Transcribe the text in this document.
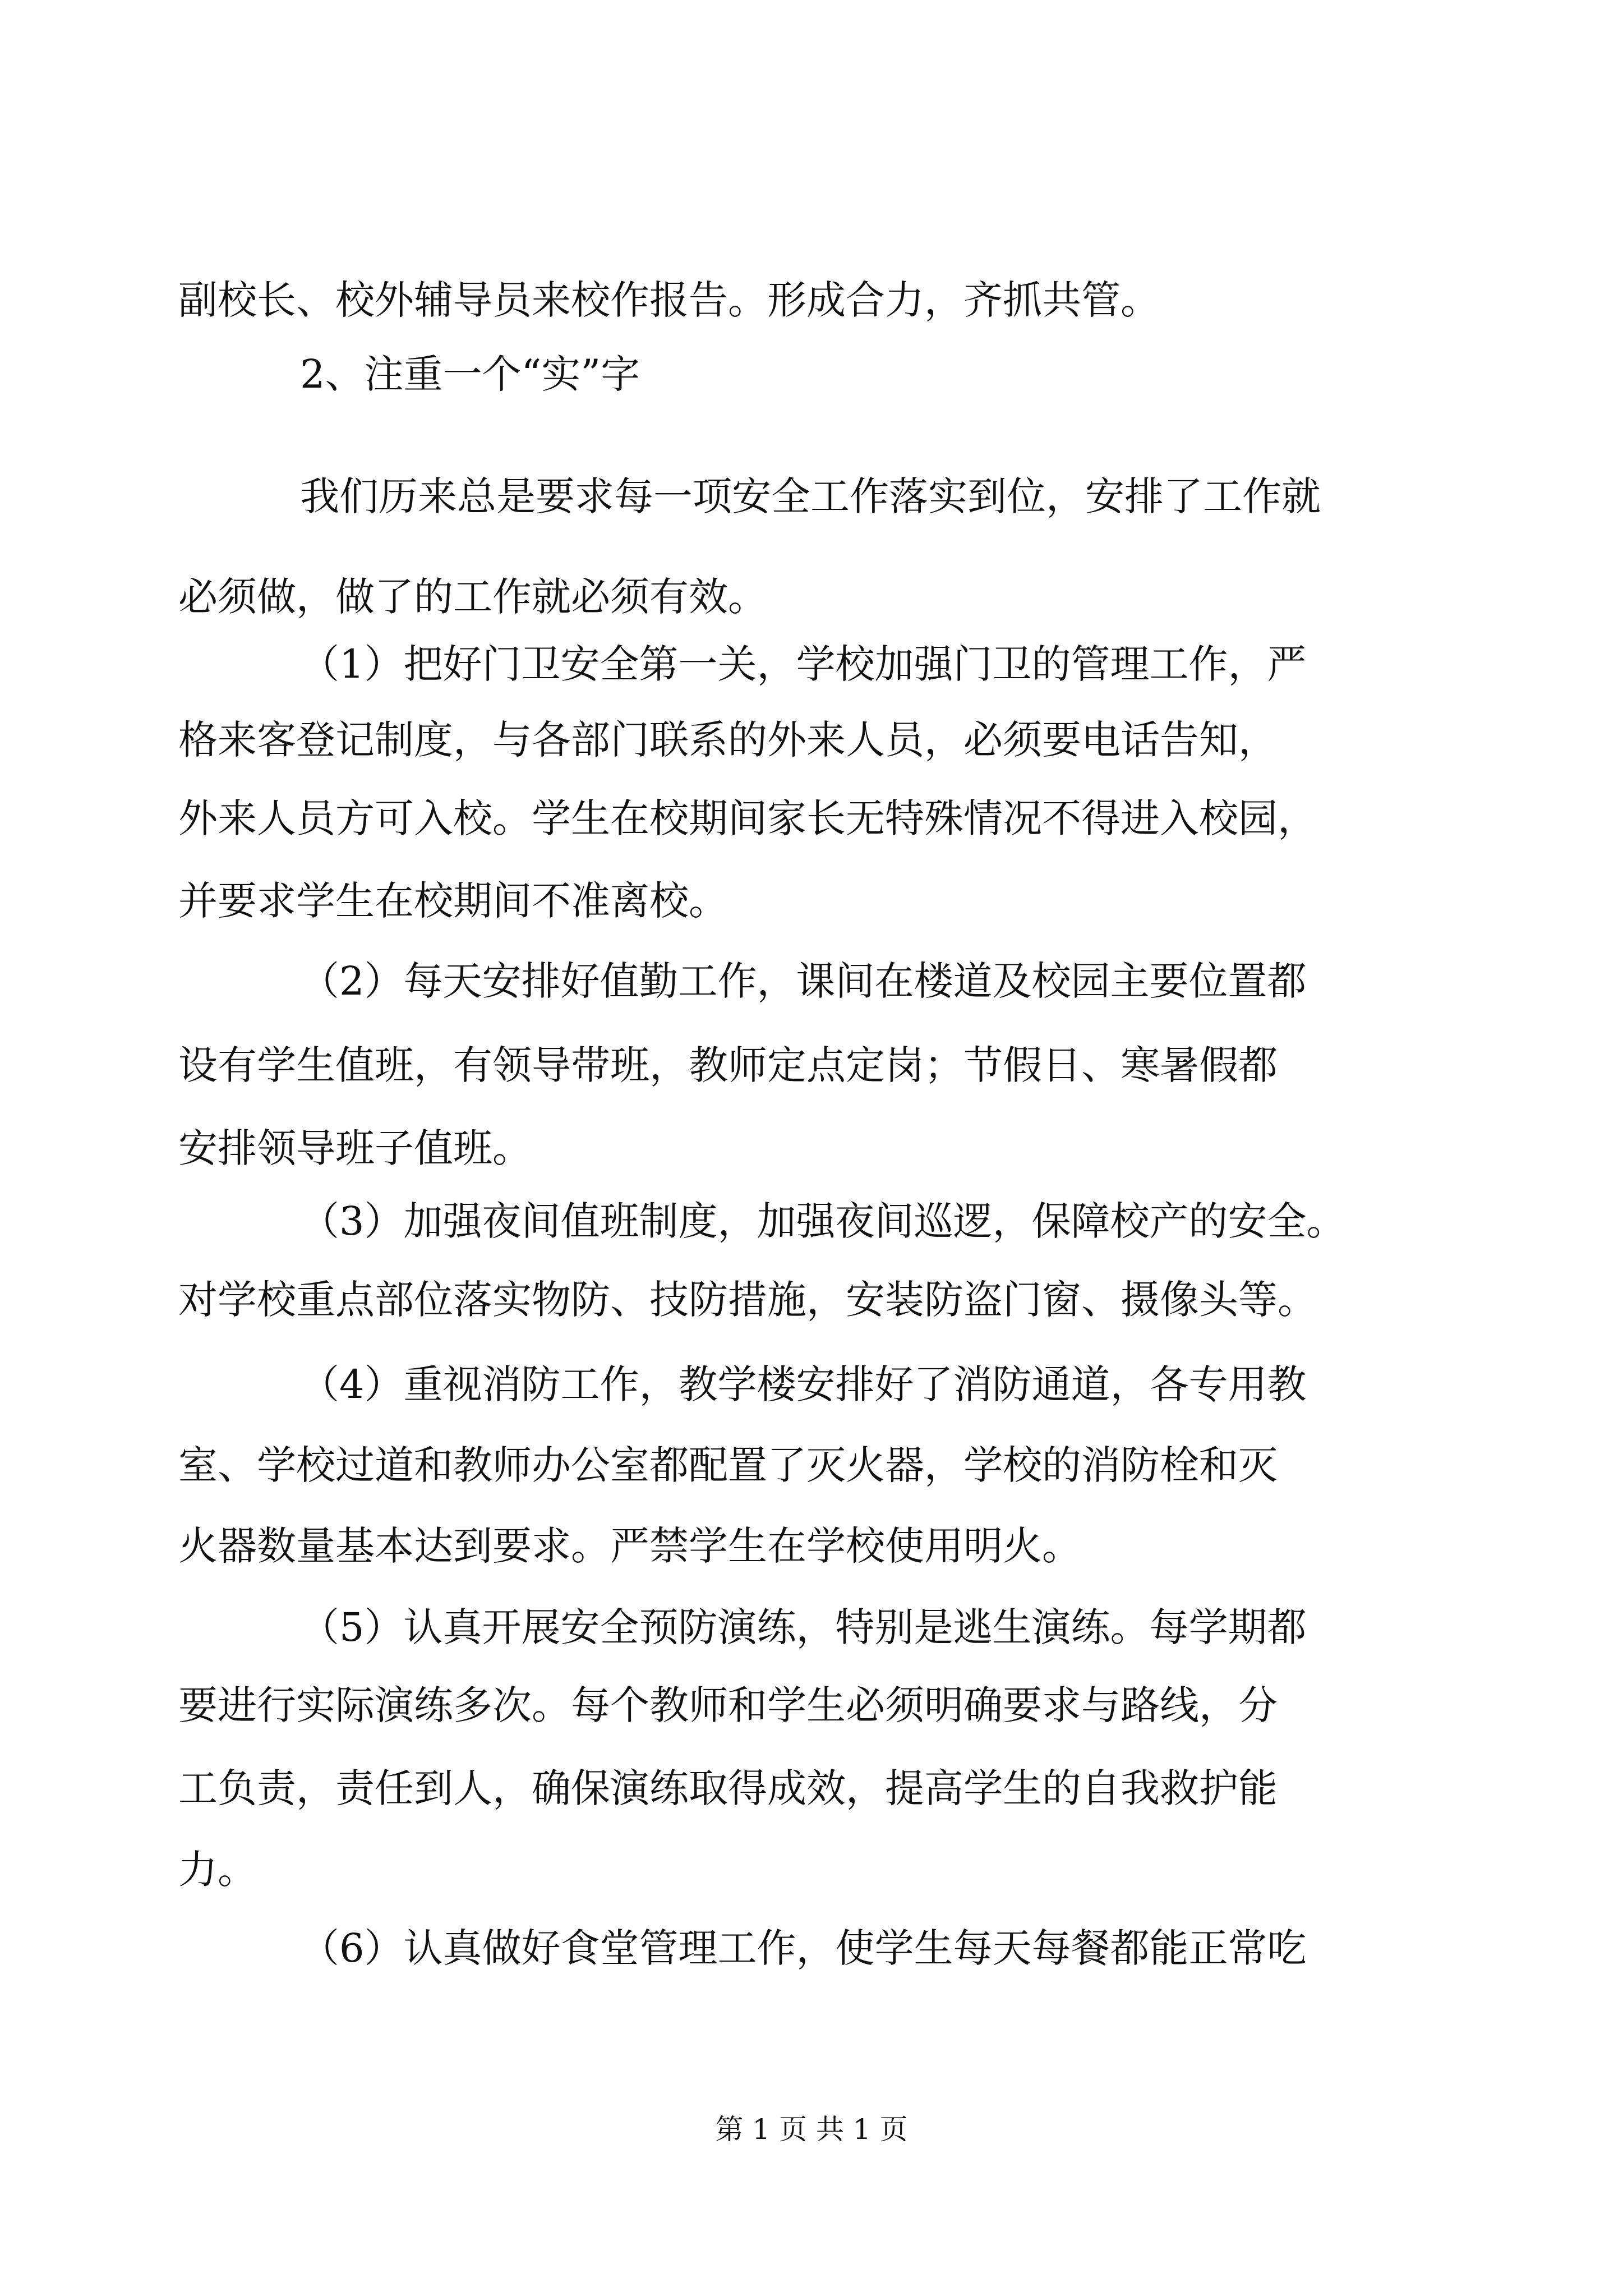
副校长、校外辅导员来校作报告。形成合力，齐抓共管。
2、注重一个“实”字
我们历来总是要求每一项安全工作落实到位，安排了工作就
必须做，做了的工作就必须有效。
（1）把好门卫安全第一关，学校加强门卫的管理工作，严
格来客登记制度，与各部门联系的外来人员，必须要电话告知，
外来人员方可入校。学生在校期间家长无特殊情况不得进入校园，
并要求学生在校期间不准离校。
（2）每天安排好值勤工作，课间在楼道及校园主要位置都
设有学生值班，有领导带班，教师定点定岗；节假日、寒暑假都
安排领导班子值班。
（3）加强夜间值班制度，加强夜间巡逻，保障校产的安全。
对学校重点部位落实物防、技防措施，安装防盗门窗、摄像头等。
（4）重视消防工作，教学楼安排好了消防通道，各专用教
室、学校过道和教师办公室都配置了灭火器，学校的消防栓和灭
火器数量基本达到要求。严禁学生在学校使用明火。
（5）认真开展安全预防演练，特别是逃生演练。每学期都
要进行实际演练多次。每个教师和学生必须明确要求与路线，分
工负责，责任到人，确保演练取得成效，提高学生的自我救护能
力。
（6）认真做好食堂管理工作，使学生每天每餐都能正常吃
第 1 页 共 1 页
